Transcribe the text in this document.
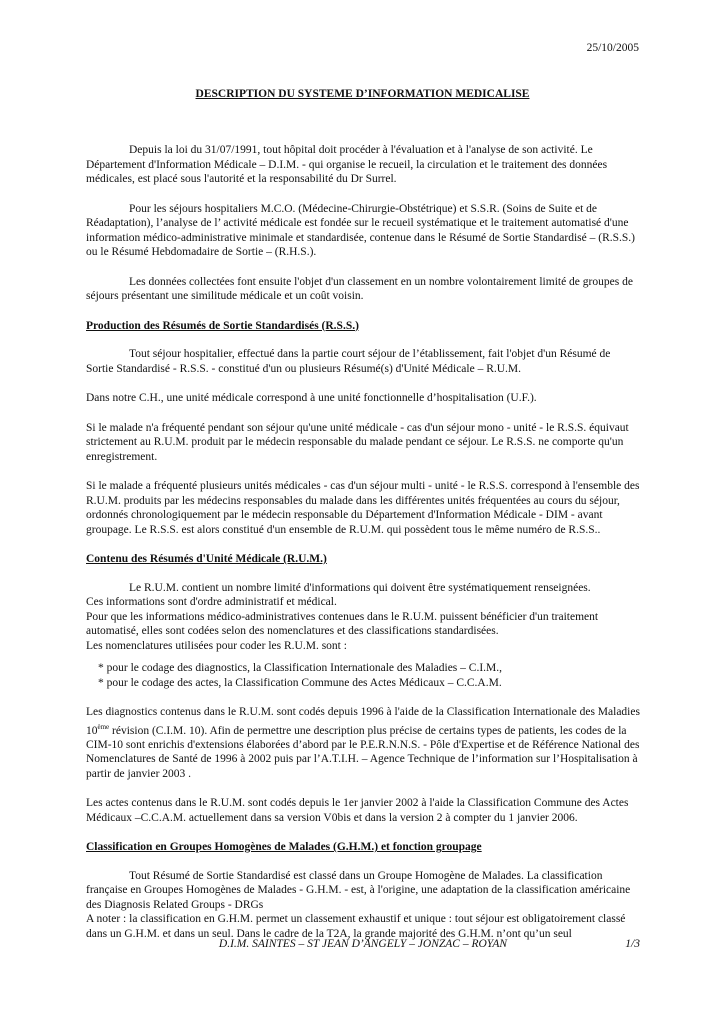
25/10/2005
DESCRIPTION DU SYSTEME D’INFORMATION MEDICALISE

Depuis la loi du 31/07/1991, tout hôpital doit procéder à l'évaluation et à l'analyse de son activité. Le Département d'Information Médicale – D.I.M. - qui organise le recueil, la circulation et le traitement des données médicales, est placé sous l'autorité et la responsabilité du Dr Surrel.

Pour les séjours hospitaliers M.C.O. (Médecine-Chirurgie-Obstétrique) et S.S.R. (Soins de Suite et de Réadaptation), l’analyse de l’ activité médicale est fondée sur le recueil systématique et le traitement automatisé d'une information médico-administrative minimale et standardisée, contenue dans le Résumé de Sortie Standardisé – (R.S.S.) ou le Résumé Hebdomadaire de Sortie – (R.H.S.).

Les données collectées font ensuite l'objet d'un classement en un nombre volontairement limité de groupes de séjours présentant une similitude médicale et un coût voisin.

Production des Résumés de Sortie Standardisés (R.S.S.)

Tout séjour hospitalier, effectué dans la partie court séjour de l’établissement, fait l'objet d'un Résumé de Sortie Standardisé - R.S.S. - constitué d'un ou plusieurs Résumé(s) d'Unité Médicale – R.U.M.

Dans notre C.H., une unité médicale correspond à une unité fonctionnelle d’hospitalisation (U.F.).

Si le malade n'a fréquenté pendant son séjour qu'une unité médicale - cas d'un séjour mono - unité - le R.S.S. équivaut strictement au R.U.M. produit par le médecin responsable du malade pendant ce séjour. Le R.S.S. ne comporte qu'un enregistrement.

Si le malade a fréquenté plusieurs unités médicales - cas d'un séjour multi - unité - le R.S.S. correspond à l'ensemble des R.U.M. produits par les médecins responsables du malade dans les différentes unités fréquentées au cours du séjour, ordonnés chronologiquement par le médecin responsable du Département d'Information Médicale - DIM - avant groupage. Le R.S.S. est alors constitué d'un ensemble de R.U.M. qui possèdent tous le même numéro de R.S.S..

Contenu des Résumés d'Unité Médicale (R.U.M.)

Le R.U.M. contient un nombre limité d'informations qui doivent être systématiquement renseignées.

Ces informations sont d'ordre administratif et médical.

Pour que les informations médico-administratives contenues dans le R.U.M. puissent bénéficier d'un traitement automatisé, elles sont codées selon des nomenclatures et des classifications standardisées.

Les nomenclatures utilisées pour coder les R.U.M. sont :

* pour le codage des diagnostics, la Classification Internationale des Maladies – C.I.M.,
* pour le codage des actes, la Classification Commune des Actes Médicaux – C.C.A.M.

Les diagnostics contenus dans le R.U.M. sont codés depuis 1996 à l'aide de la Classification Internationale des Maladies 10ème révision (C.I.M. 10). Afin de permettre une description plus précise de certains types de patients, les codes de la CIM-10 sont enrichis d'extensions élaborées d’abord par le P.E.R.N.N.S. - Pôle d'Expertise et de Référence National des Nomenclatures de Santé de 1996 à 2002 puis par l’A.T.I.H. – Agence Technique de l’information sur l’Hospitalisation à partir de janvier 2003 .

Les actes contenus dans le R.U.M. sont codés depuis le 1er janvier 2002 à l'aide la Classification Commune des Actes Médicaux –C.C.A.M. actuellement dans sa version V0bis et dans la version 2 à compter du 1 janvier 2006.

Classification en Groupes Homogènes de Malades (G.H.M.) et fonction groupage

Tout Résumé de Sortie Standardisé est classé dans un Groupe Homogène de Malades. La classification française en Groupes Homogènes de Malades - G.H.M. - est, à l'origine, une adaptation de la classification américaine des Diagnosis Related Groups - DRGs

A noter : la classification en G.H.M. permet un classement exhaustif et unique : tout séjour est obligatoirement classé dans un G.H.M. et dans un seul. Dans le cadre de la T2A, la grande majorité des G.H.M. n’ont qu’un seul

D.I.M. SAINTES – ST JEAN D’ANGELY – JONZAC – ROYAN	1/3
